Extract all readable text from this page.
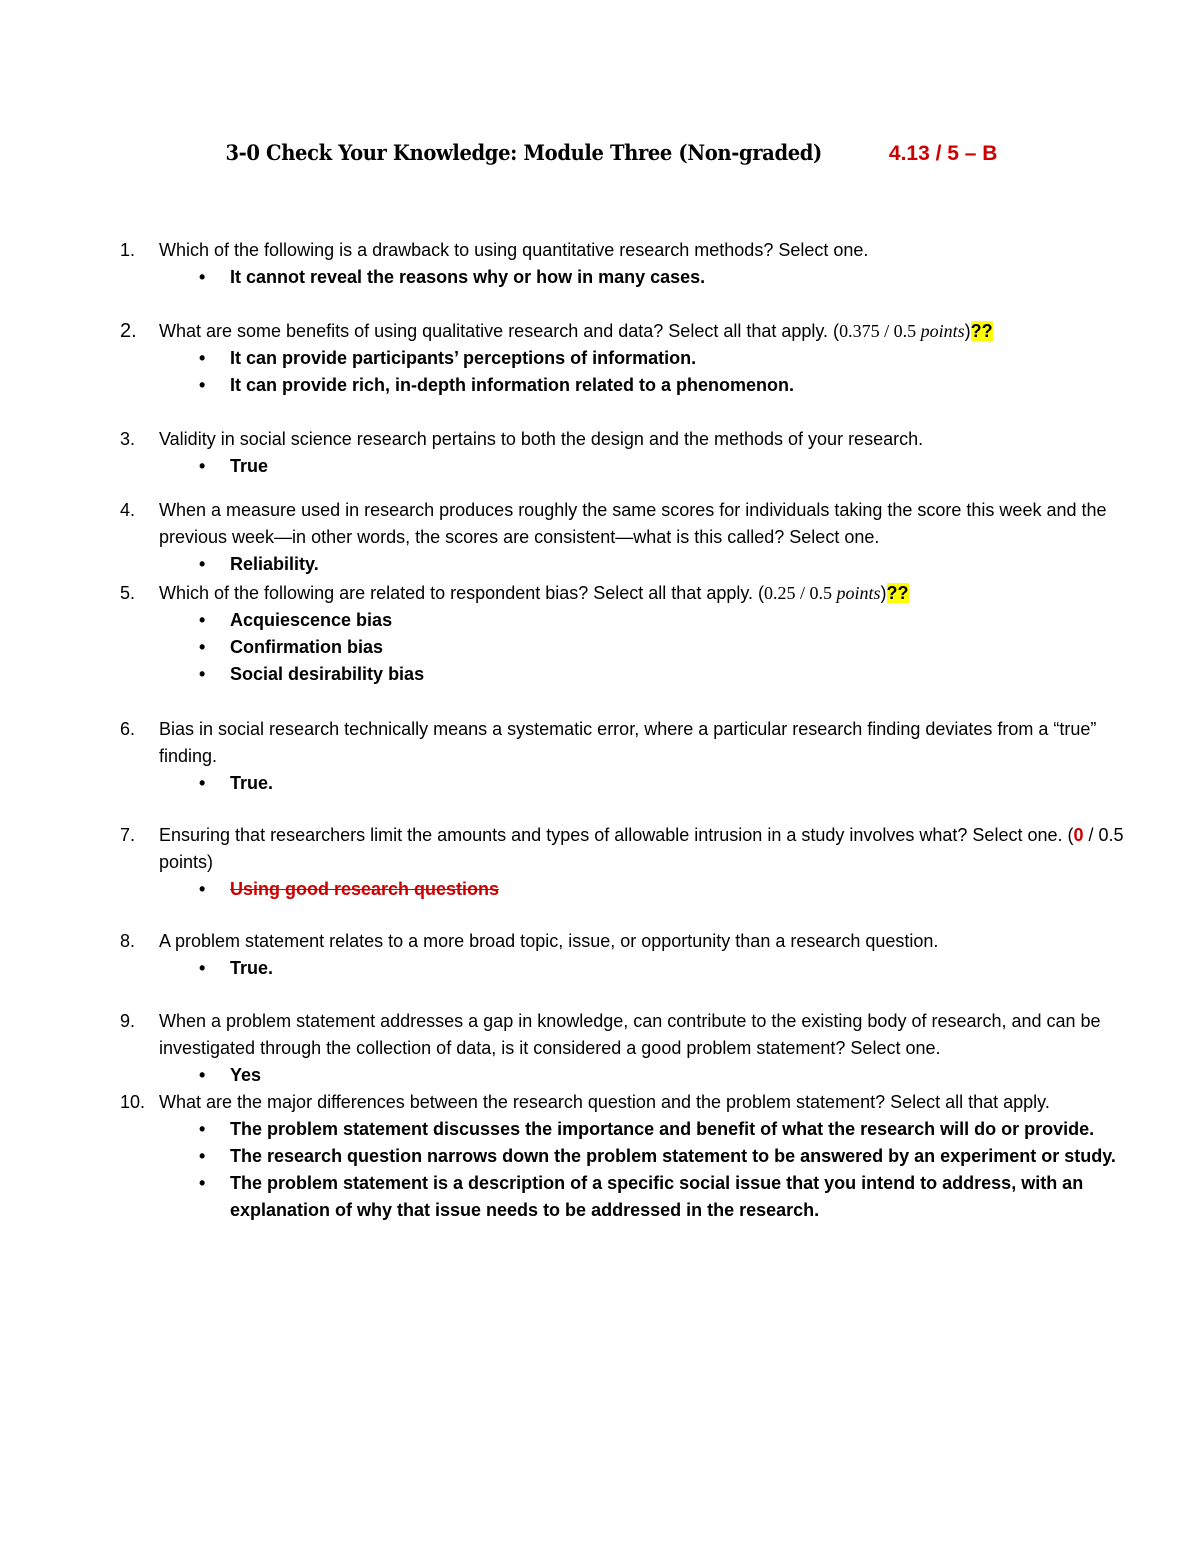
3-0 Check Your Knowledge: Module Three (Non-graded)	4.13 / 5 – B
1.	Which of the following is a drawback to using quantitative research methods? Select one.
• It cannot reveal the reasons why or how in many cases.
2.	What are some benefits of using qualitative research and data? Select all that apply. (0.375 / 0.5 points)??
• It can provide participants’ perceptions of information.
• It can provide rich, in-depth information related to a phenomenon.
3.	Validity in social science research pertains to both the design and the methods of your research.
• True
4.	When a measure used in research produces roughly the same scores for individuals taking the score this week and the previous week—in other words, the scores are consistent—what is this called? Select one.
• Reliability.
5.	Which of the following are related to respondent bias? Select all that apply. (0.25 / 0.5 points)??
• Acquiescence bias
• Confirmation bias
• Social desirability bias
6.	Bias in social research technically means a systematic error, where a particular research finding deviates from a “true” finding.
• True.
7.	Ensuring that researchers limit the amounts and types of allowable intrusion in a study involves what? Select one. (0 / 0.5 points)
• Using good research questions
8.	A problem statement relates to a more broad topic, issue, or opportunity than a research question.
• True.
9.	When a problem statement addresses a gap in knowledge, can contribute to the existing body of research, and can be investigated through the collection of data, is it considered a good problem statement? Select one.
• Yes
10. What are the major differences between the research question and the problem statement? Select all that apply.
• The problem statement discusses the importance and benefit of what the research will do or provide.
• The research question narrows down the problem statement to be answered by an experiment or study.
• The problem statement is a description of a specific social issue that you intend to address, with an explanation of why that issue needs to be addressed in the research.
